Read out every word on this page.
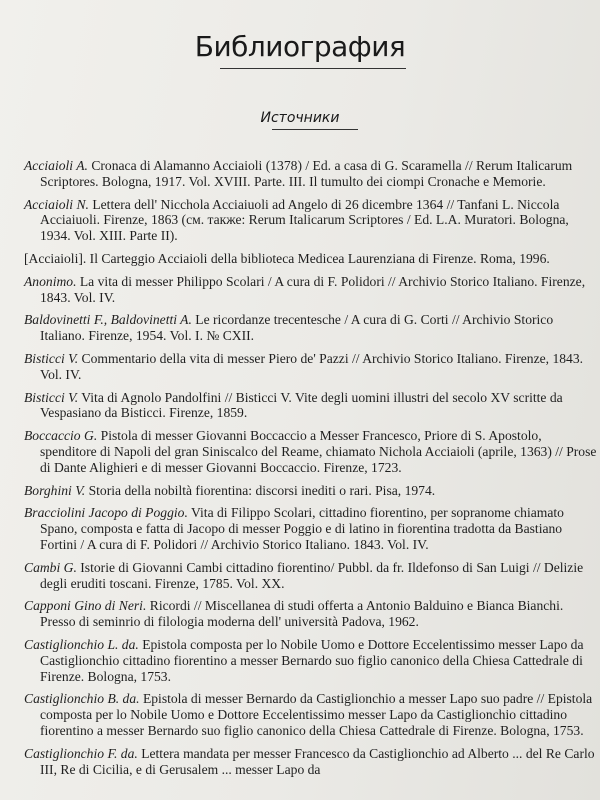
Библиография
Источники
Acciaioli A. Cronaca di Alamanno Acciaioli (1378) / Ed. a casa di G. Scaramella // Rerum Italicarum Scriptores. Bologna, 1917. Vol. XVIII. Parte. III. Il tumulto dei ciompi Cronache e Memorie.
Acciaioli N. Lettera dell' Nicchola Acciaiuoli ad Angelo di 26 dicembre 1364 // Tanfani L. Niccola Acciaiuoli. Firenze, 1863 (см. также: Rerum Italicarum Scriptores / Ed. L.A. Muratori. Bologna, 1934. Vol. XIII. Parte II).
[Acciaioli]. Il Carteggio Acciaioli della biblioteca Medicea Laurenziana di Firenze. Roma, 1996.
Anonimo. La vita di messer Philippo Scolari / A cura di F. Polidori // Archivio Storico Italiano. Firenze, 1843. Vol. IV.
Baldovinetti F., Baldovinetti A. Le ricordanze trecentesche / A cura di G. Corti // Archivio Storico Italiano. Firenze, 1954. Vol. I. № CXII.
Bisticci V. Commentario della vita di messer Piero de' Pazzi // Archivio Storico Italiano. Firenze, 1843. Vol. IV.
Bisticci V. Vita di Agnolo Pandolfini // Bisticci V. Vite degli uomini illustri del secolo XV scritte da Vespasiano da Bisticci. Firenze, 1859.
Boccaccio G. Pistola di messer Giovanni Boccaccio a Messer Francesco, Priore di S. Apostolo, spenditore di Napoli del gran Siniscalco del Reame, chiamato Nichola Acciaioli (aprile, 1363) // Prose di Dante Alighieri e di messer Giovanni Boccaccio. Firenze, 1723.
Borghini V. Storia della nobiltà fiorentina: discorsi inediti o rari. Pisa, 1974.
Bracciolini Jacopo di Poggio. Vita di Filippo Scolari, cittadino fiorentino, per sopranome chiamato Spano, composta e fatta di Jacopo di messer Poggio e di latino in fiorentina tradotta da Bastiano Fortini / A cura di F. Polidori // Archivio Storico Italiano. 1843. Vol. IV.
Cambi G. Istorie di Giovanni Cambi cittadino fiorentino/ Pubbl. da fr. Ildefonso di San Luigi // Delizie degli eruditi toscani. Firenze, 1785. Vol. XX.
Capponi Gino di Neri. Ricordi // Miscellanea di studi offerta a Antonio Balduino e Bianca Bianchi. Presso di seminrio di filologia moderna dell' università Padova, 1962.
Castiglionchio L. da. Epistola composta per lo Nobile Uomo e Dottore Eccelentissimo messer Lapo da Castiglionchio cittadino fiorentino a messer Bernardo suo figlio canonico della Chiesa Cattedrale di Firenze. Bologna, 1753.
Castiglionchio B. da. Epistola di messer Bernardo da Castiglionchio a messer Lapo suo padre // Epistola composta per lo Nobile Uomo e Dottore Eccelentissimo messer Lapo da Castiglionchio cittadino fiorentino a messer Bernardo suo figlio canonico della Chiesa Cattedrale di Firenze. Bologna, 1753.
Castiglionchio F. da. Lettera mandata per messer Francesco da Castiglionchio ad Alberto ... del Re Carlo III, Re di Cicilia, e di Gerusalem ... messer Lapo da
